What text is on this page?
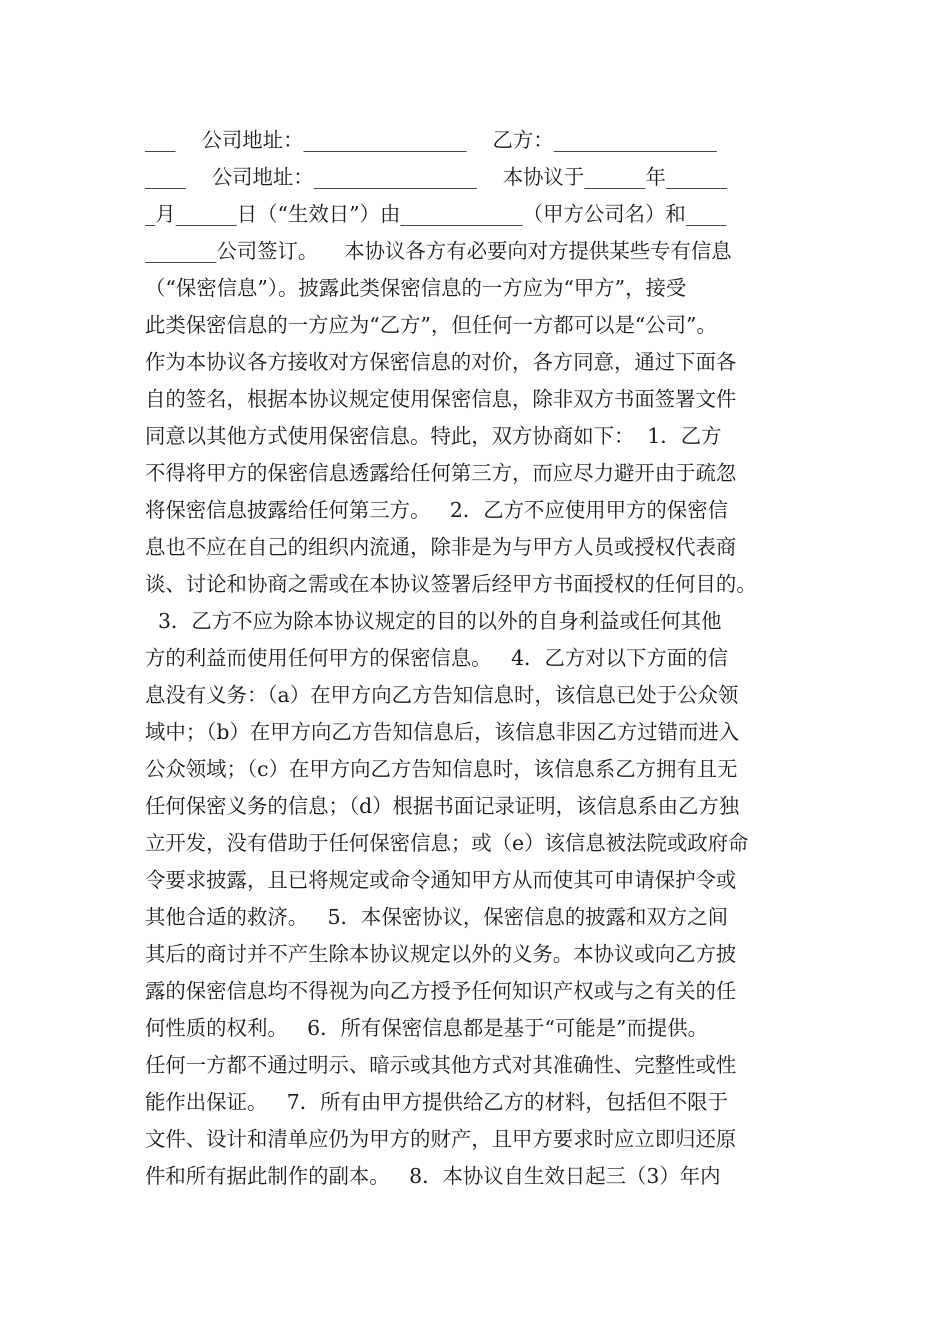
___    公司地址：________________    乙方：________________
____    公司地址：________________    本协议于______年______
_月______日（“生效日”）由____________（甲方公司名）和____
_______公司签订。    本协议各方有必要向对方提供某些专有信息
（“保密信息”）。披露此类保密信息的一方应为“甲方”，接受
此类保密信息的一方应为“乙方”，但任何一方都可以是“公司”。
作为本协议各方接收对方保密信息的对价，各方同意，通过下面各
自的签名，根据本协议规定使用保密信息，除非双方书面签署文件
同意以其他方式使用保密信息。特此，双方协商如下：  1．乙方
不得将甲方的保密信息透露给任何第三方，而应尽力避开由于疏忽
将保密信息披露给任何第三方。   2．乙方不应使用甲方的保密信
息也不应在自己的组织内流通，除非是为与甲方人员或授权代表商
谈、讨论和协商之需或在本协议签署后经甲方书面授权的任何目的。
3．乙方不应为除本协议规定的目的以外的自身利益或任何其他
方的利益而使用任何甲方的保密信息。   4．乙方对以下方面的信
息没有义务：（a）在甲方向乙方告知信息时，该信息已处于公众领
域中；（b）在甲方向乙方告知信息后，该信息非因乙方过错而进入
公众领域；（c）在甲方向乙方告知信息时，该信息系乙方拥有且无
任何保密义务的信息；（d）根据书面记录证明，该信息系由乙方独
立开发，没有借助于任何保密信息；或（e）该信息被法院或政府命
令要求披露，且已将规定或命令通知甲方从而使其可申请保护令或
其他合适的救济。   5．本保密协议，保密信息的披露和双方之间
其后的商讨并不产生除本协议规定以外的义务。本协议或向乙方披
露的保密信息均不得视为向乙方授予任何知识产权或与之有关的任
何性质的权利。   6．所有保密信息都是基于“可能是”而提供。
任何一方都不通过明示、暗示或其他方式对其准确性、完整性或性
能作出保证。   7．所有由甲方提供给乙方的材料，包括但不限于
文件、设计和清单应仍为甲方的财产，且甲方要求时应立即归还原
件和所有据此制作的副本。   8．本协议自生效日起三（3）年内
